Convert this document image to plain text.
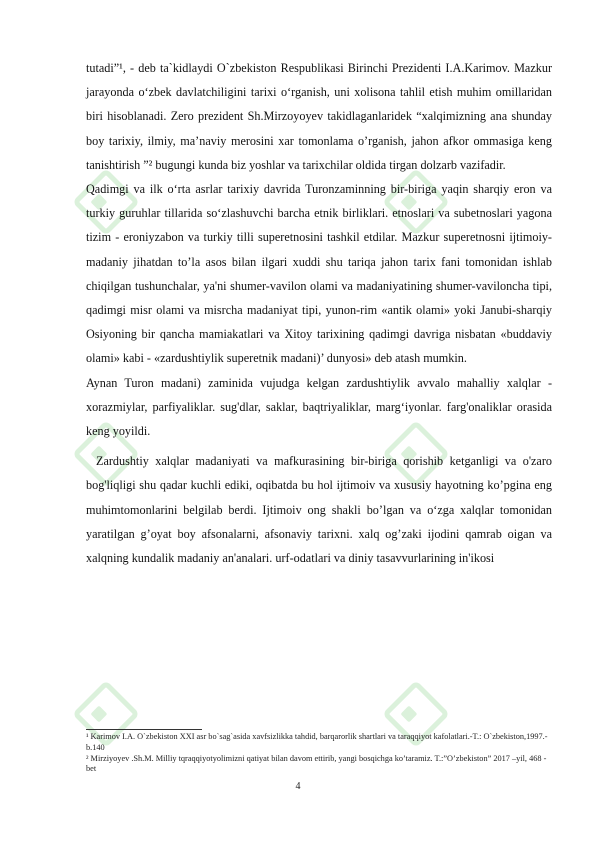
tutadi”¹, - deb ta`kidlaydi O`zbekiston Respublikasi Birinchi Prezidenti I.A.Karimov. Mazkur jarayonda o‘zbek davlatchiligini tarixi o‘rganish, uni xolisona tahlil etish muhim omillaridan biri hisoblanadi. Zero prezident Sh.Mirzoyoyev takidlaganlaridek “xalqimizning ana shunday boy tarixiy, ilmiy, ma’naviy merosini xar tomonlama o’rganish, jahon afkor ommasiga keng tanishtirish ”² bugungi kunda biz yoshlar va tarixchilar oldida tirgan dolzarb vazifadir.

Qadimgi va ilk o‘rta asrlar tarixiy davrida Turonzaminning bir-biriga yaqin sharqiy eron va turkiy guruhlar tillarida so‘zlashuvchi barcha etnik birliklari. etnoslari va subetnoslari yagona tizim - eroniyzabon va turkiy tilli superetnosini tashkil etdilar. Mazkur superetnosni ijtimoiy-madaniy jihatdan to’la asos bilan ilgari xuddi shu tariqa jahon tarix fani tomonidan ishlab chiqilgan tushunchalar, ya'ni shumer-vavilon olami va madaniyatining shumer-vaviloncha tipi, qadimgi misr olami va misrcha madaniyat tipi, yunon-rim «antik olami» yoki Janubi-sharqiy Osiyoning bir qancha mamiakatlari va Xitoy tarixining qadimgi davriga nisbatan «buddaviy olami» kabi - «zardushtiylik superetnik madani)’ dunyosi» deb atash mumkin.

Aynan Turon madani) zaminida vujudga kelgan zardushtiylik avvalo mahalliy xalqlar - xorazmiylar, parfiyaliklar. sug'dlar, saklar, baqtriyaliklar, marg‘iyonlar. farg'onaliklar orasida keng yoyildi.

Zardushtiy xalqlar madaniyati va mafkurasining bir-biriga qorishib ketganligi va o'zaro bog'liqligi shu qadar kuchli ediki, oqibatda bu hol ijtimoiv va xususiy hayotning ko’pgina eng muhimtomonlarini belgilab berdi. Ijtimoiv ong shakli bo’lgan va o‘zga xalqlar tomonidan yaratilgan g’oyat boy afsonalarni, afsonaviy tarixni. xalq og’zaki ijodini qamrab oigan va xalqning kundalik madaniy an'analari. urf-odatlari va diniy tasavvurlarining in'ikosi

¹ Karimov I.A. O`zbekiston XXI asr bo`sag`asida xavfsizlikka tahdid, barqarorlik shartlari va taraqqiyot kafolatlari.-T.: O`zbekiston,1997.-b.140

² Mirziyoyev .Sh.M. Milliy tqraqqiyotyolimizni qatiyat bilan davom ettirib, yangi bosqichga ko’taramiz. T.:”O’zbekiston” 2017 –yil, 468 - bet

4
